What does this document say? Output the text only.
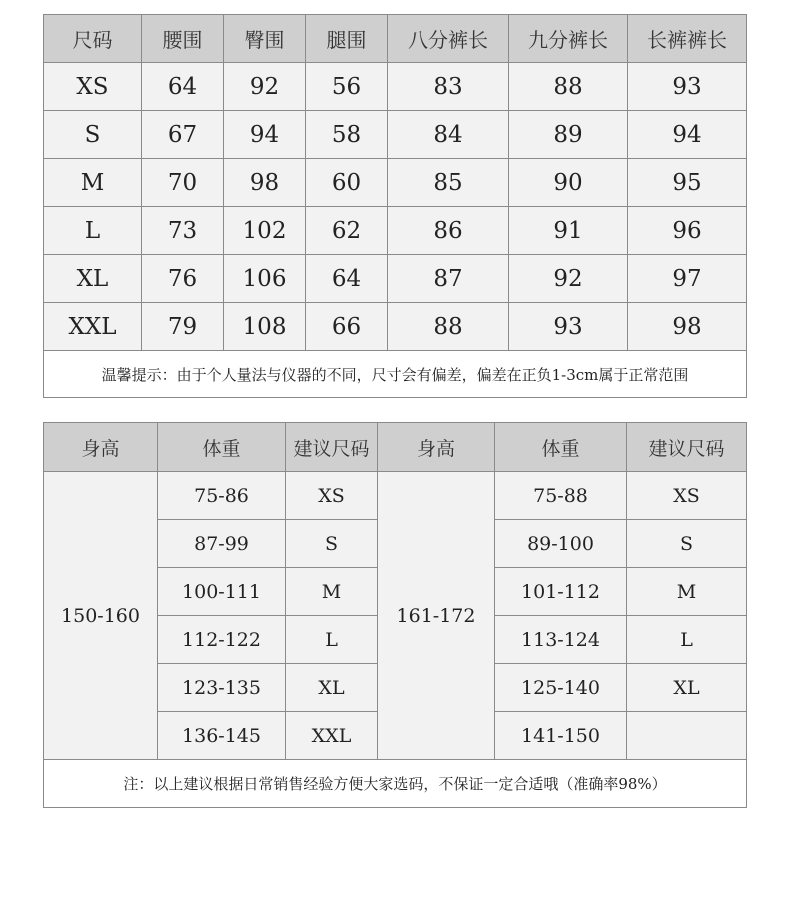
尺码	腰围	臀围	腿围	八分裤长	九分裤长	长裤裤长
XS	64	92	56	83	88	93
S	67	94	58	84	89	94
M	70	98	60	85	90	95
L	73	102	62	86	91	96
XL	76	106	64	87	92	97
XXL	79	108	66	88	93	98
温馨提示：由于个人量法与仪器的不同，尺寸会有偏差，偏差在正负1-3cm属于正常范围						
身高	体重	建议尺码	身高	体重	建议尺码
150-160	75-86	XS	161-172	75-88	XS
	87-99	S		89-100	S
	100-111	M		101-112	M
	112-122	L		113-124	L
	123-135	XL		125-140	XL
	136-145	XXL		141-150	
注：以上建议根据日常销售经验方便大家选码，不保证一定合适哦（准确率98%）					
